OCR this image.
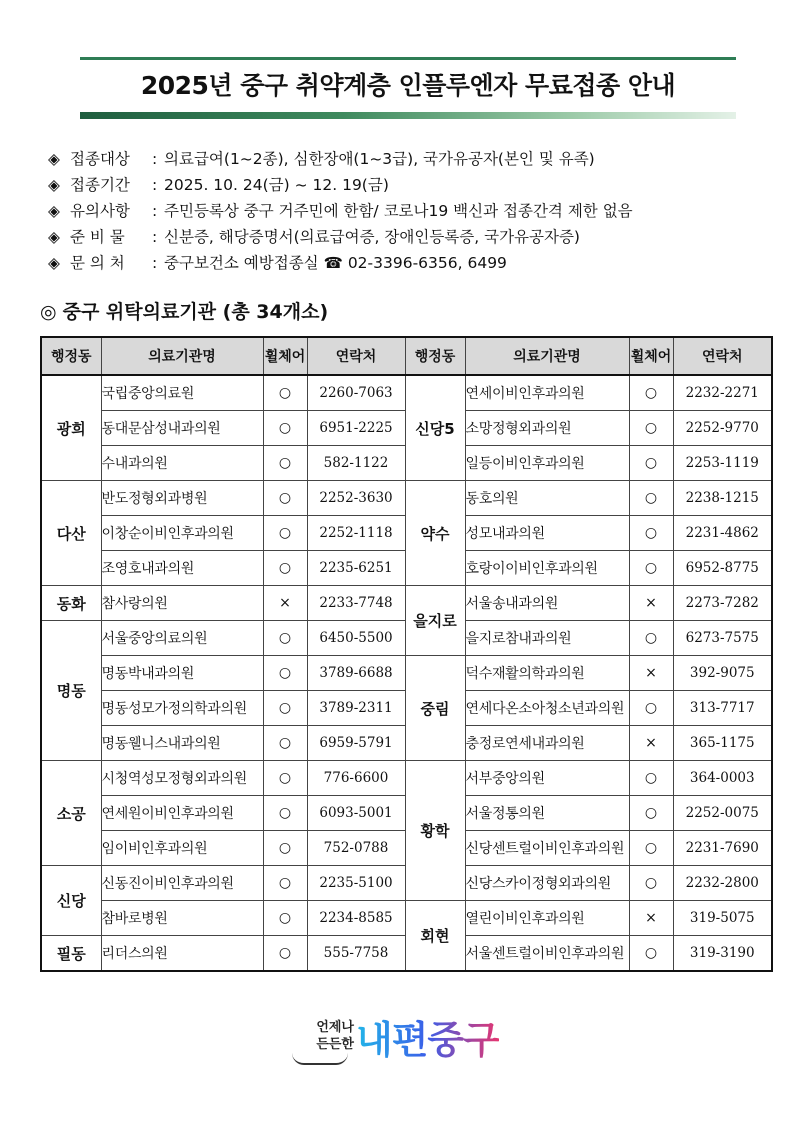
2025년 중구 취약계층 인플루엔자 무료접종 안내
◈ 접종대상 : 의료급여(1~2종), 심한장애(1~3급), 국가유공자(본인 및 유족)
◈ 접종기간 : 2025. 10. 24(금) ~ 12. 19(금)
◈ 유의사항 : 주민등록상 중구 거주민에 한함/ 코로나19 백신과 접종간격 제한 없음
◈ 준 비 물 : 신분증, 해당증명서(의료급여증, 장애인등록증, 국가유공자증)
◈ 문 의 처 : 중구보건소 예방접종실 ☎ 02-3396-6356, 6499
◎ 중구 위탁의료기관 (총 34개소)
행정동	의료기관명	휠체어	연락처	행정동	의료기관명	휠체어	연락처
광희	국립중앙의료원	○	2260-7063	신당5	연세이비인후과의원	○	2232-2271
	동대문삼성내과의원	○	6951-2225		소망정형외과의원	○	2252-9770
	수내과의원	○	582-1122		일등이비인후과의원	○	2253-1119
다산	반도정형외과병원	○	2252-3630	약수	동호의원	○	2238-1215
	이창순이비인후과의원	○	2252-1118		성모내과의원	○	2231-4862
	조영호내과의원	○	2235-6251		호랑이이비인후과의원	○	6952-8775
동화	참사랑의원	×	2233-7748	을지로	서울송내과의원	×	2273-7282
명동	서울중앙의료의원	○	6450-5500		을지로참내과의원	○	6273-7575
	명동박내과의원	○	3789-6688	중림	덕수재활의학과의원	×	392-9075
	명동성모가정의학과의원	○	3789-2311		연세다온소아청소년과의원	○	313-7717
	명동웰니스내과의원	○	6959-5791		충정로연세내과의원	×	365-1175
소공	시청역성모정형외과의원	○	776-6600	황학	서부중앙의원	○	364-0003
	연세원이비인후과의원	○	6093-5001		서울정통의원	○	2252-0075
	임이비인후과의원	○	752-0788		신당센트럴이비인후과의원	○	2231-7690
신당	신동진이비인후과의원	○	2235-5100		신당스카이정형외과의원	○	2232-2800
	참바로병원	○	2234-8585	회현	열린이비인후과의원	×	319-5075
필동	리더스의원	○	555-7758		서울센트럴이비인후과의원	○	319-3190
언제나
든든한 내편중구
